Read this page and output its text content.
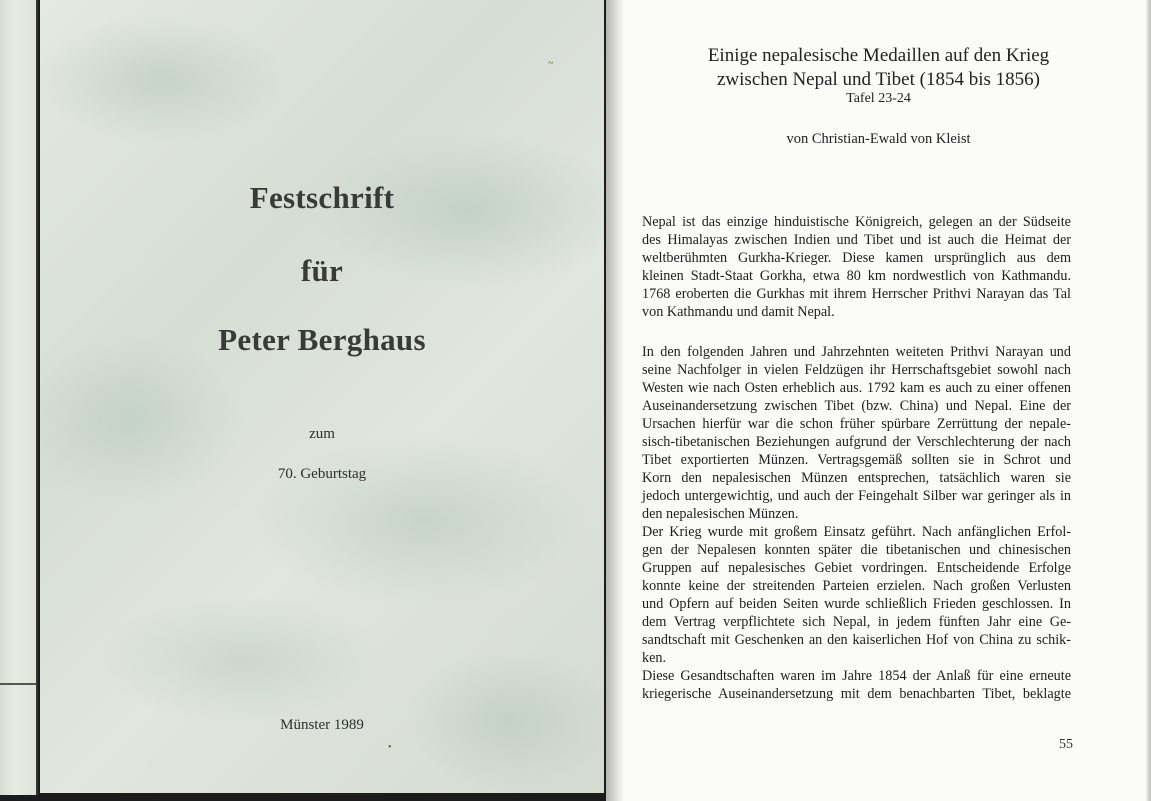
Festschrift
für
Peter Berghaus
zum
70. Geburtstag
Münster 1989
~
•
Einige nepalesische Medaillen auf den Krieg
zwischen Nepal und Tibet (1854 bis 1856)
Tafel 23-24
von Christian-Ewald von Kleist
Nepal ist das einzige hinduistische Königreich, gelegen an der Südseite
des Himalayas zwischen Indien und Tibet und ist auch die Heimat der
weltberühmten Gurkha-Krieger. Diese kamen ursprünglich aus dem
kleinen Stadt-Staat Gorkha, etwa 80 km nordwestlich von Kathmandu.
1768 eroberten die Gurkhas mit ihrem Herrscher Prithvi Narayan das Tal
von Kathmandu und damit Nepal.
In den folgenden Jahren und Jahrzehnten weiteten Prithvi Narayan und
seine Nachfolger in vielen Feldzügen ihr Herrschaftsgebiet sowohl nach
Westen wie nach Osten erheblich aus. 1792 kam es auch zu einer offenen
Auseinandersetzung zwischen Tibet (bzw. China) und Nepal. Eine der
Ursachen hierfür war die schon früher spürbare Zerrüttung der nepale-
sisch-tibetanischen Beziehungen aufgrund der Verschlechterung der nach
Tibet exportierten Münzen. Vertragsgemäß sollten sie in Schrot und
Korn den nepalesischen Münzen entsprechen, tatsächlich waren sie
jedoch untergewichtig, und auch der Feingehalt Silber war geringer als in
den nepalesischen Münzen.
Der Krieg wurde mit großem Einsatz geführt. Nach anfänglichen Erfol-
gen der Nepalesen konnten später die tibetanischen und chinesischen
Gruppen auf nepalesisches Gebiet vordringen. Entscheidende Erfolge
konnte keine der streitenden Parteien erzielen. Nach großen Verlusten
und Opfern auf beiden Seiten wurde schließlich Frieden geschlossen. In
dem Vertrag verpflichtete sich Nepal, in jedem fünften Jahr eine Ge-
sandtschaft mit Geschenken an den kaiserlichen Hof von China zu schik-
ken.
Diese Gesandtschaften waren im Jahre 1854 der Anlaß für eine erneute
kriegerische Auseinandersetzung mit dem benachbarten Tibet, beklagte
55
